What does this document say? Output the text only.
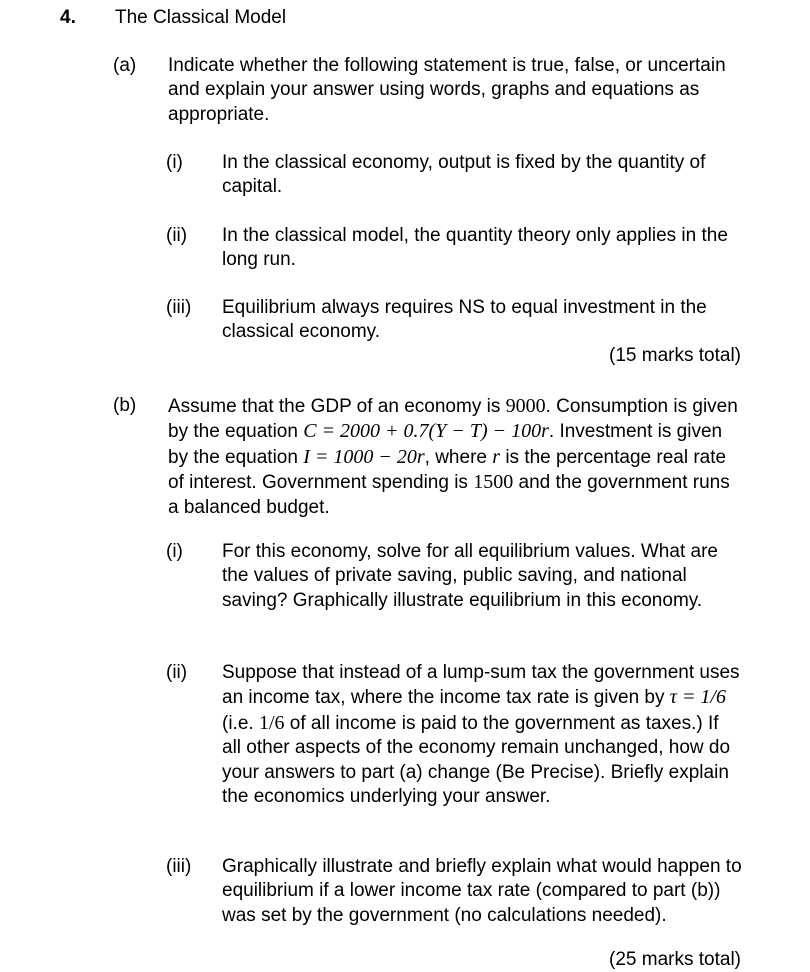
4. The Classical Model
(a) Indicate whether the following statement is true, false, or uncertain and explain your answer using words, graphs and equations as appropriate.
(i) In the classical economy, output is fixed by the quantity of capital.
(ii) In the classical model, the quantity theory only applies in the long run.
(iii) Equilibrium always requires NS to equal investment in the classical economy.
(15 marks total)
(b) Assume that the GDP of an economy is 9000. Consumption is given by the equation C = 2000 + 0.7(Y − T) − 100r. Investment is given by the equation I = 1000 − 20r, where r is the percentage real rate of interest. Government spending is 1500 and the government runs a balanced budget.
(i) For this economy, solve for all equilibrium values. What are the values of private saving, public saving, and national saving? Graphically illustrate equilibrium in this economy.
(ii) Suppose that instead of a lump-sum tax the government uses an income tax, where the income tax rate is given by τ = 1/6 (i.e. 1/6 of all income is paid to the government as taxes.) If all other aspects of the economy remain unchanged, how do your answers to part (a) change (Be Precise). Briefly explain the economics underlying your answer.
(iii) Graphically illustrate and briefly explain what would happen to equilibrium if a lower income tax rate (compared to part (b)) was set by the government (no calculations needed).
(25 marks total)
